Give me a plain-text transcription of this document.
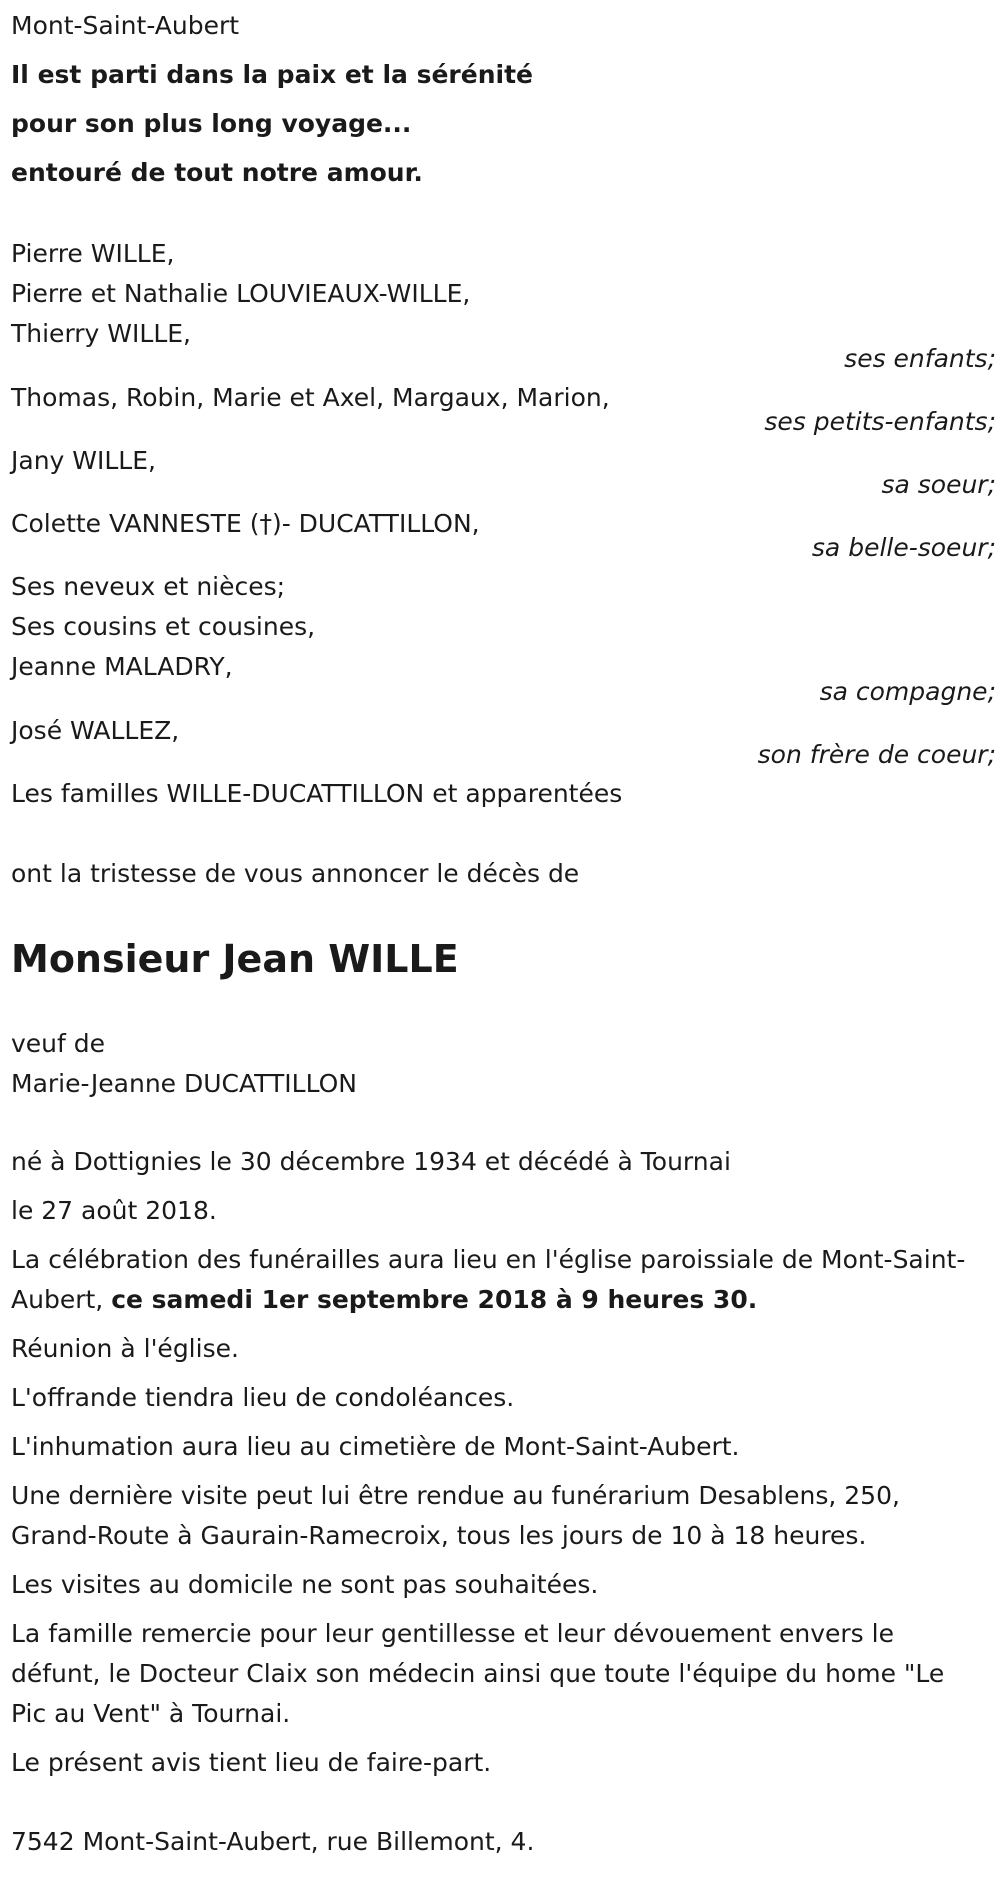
Mont-Saint-Aubert
Il est parti dans la paix et la sérénité
pour son plus long voyage...
entouré de tout notre amour.
Pierre WILLE,
Pierre et Nathalie LOUVIEAUX-WILLE,
Thierry WILLE,
ses enfants;
Thomas, Robin, Marie et Axel, Margaux, Marion,
ses petits-enfants;
Jany WILLE,
sa soeur;
Colette VANNESTE (†)- DUCATTILLON,
sa belle-soeur;
Ses neveux et nièces;
Ses cousins et cousines,
Jeanne MALADRY,
sa compagne;
José WALLEZ,
son frère de coeur;
Les familles WILLE-DUCATTILLON et apparentées
ont la tristesse de vous annoncer le décès de
Monsieur Jean WILLE
veuf de
Marie-Jeanne DUCATTILLON
né à Dottignies le 30 décembre 1934 et décédé à Tournai
le 27 août 2018.
La célébration des funérailles aura lieu en l'église paroissiale de Mont-Saint-Aubert, ce samedi 1er septembre 2018 à 9 heures 30.
Réunion à l'église.
L'offrande tiendra lieu de condoléances.
L'inhumation aura lieu au cimetière de Mont-Saint-Aubert.
Une dernière visite peut lui être rendue au funérarium Desablens, 250, Grand-Route à Gaurain-Ramecroix, tous les jours de 10 à 18 heures.
Les visites au domicile ne sont pas souhaitées.
La famille remercie pour leur gentillesse et leur dévouement envers le défunt, le Docteur Claix son médecin ainsi que toute l'équipe du home "Le Pic au Vent" à Tournai.
Le présent avis tient lieu de faire-part.
7542 Mont-Saint-Aubert, rue Billemont, 4.
